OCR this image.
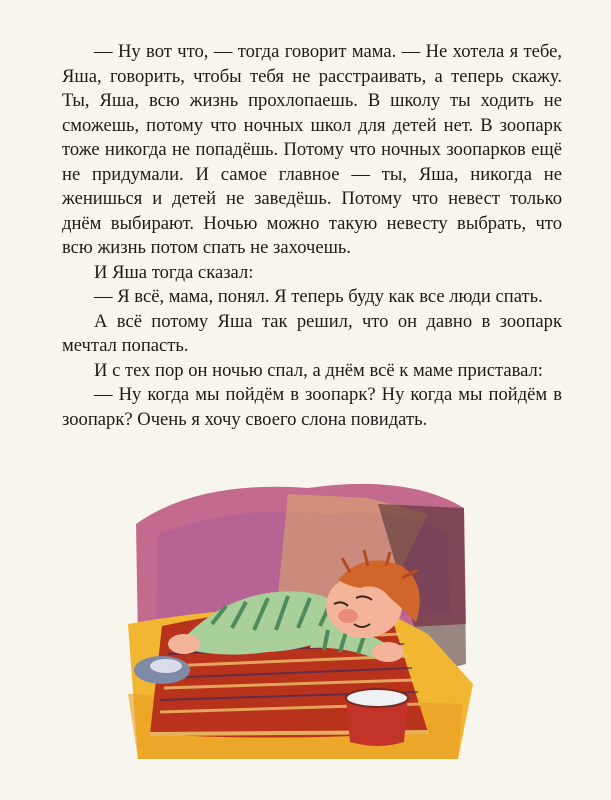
— Ну вот что, — тогда говорит мама. — Не хотела я тебе, Яша, говорить, чтобы тебя не расстраивать, а теперь скажу. Ты, Яша, всю жизнь прохлопаешь. В школу ты ходить не сможешь, потому что ночных школ для детей нет. В зоопарк тоже никогда не попадёшь. Потому что ночных зоопарков ещё не придумали. И самое главное — ты, Яша, никогда не женишься и детей не заведёшь. Потому что невест только днём выбирают. Ночью можно такую невесту выбрать, что всю жизнь потом спать не захочешь.

И Яша тогда сказал:

— Я всё, мама, понял. Я теперь буду как все люди спать.

А всё потому Яша так решил, что он давно в зоопарк мечтал попасть.

И с тех пор он ночью спал, а днём всё к маме приставал:

— Ну когда мы пойдём в зоопарк? Ну когда мы пойдём в зоопарк? Очень я хочу своего слона повидать.
